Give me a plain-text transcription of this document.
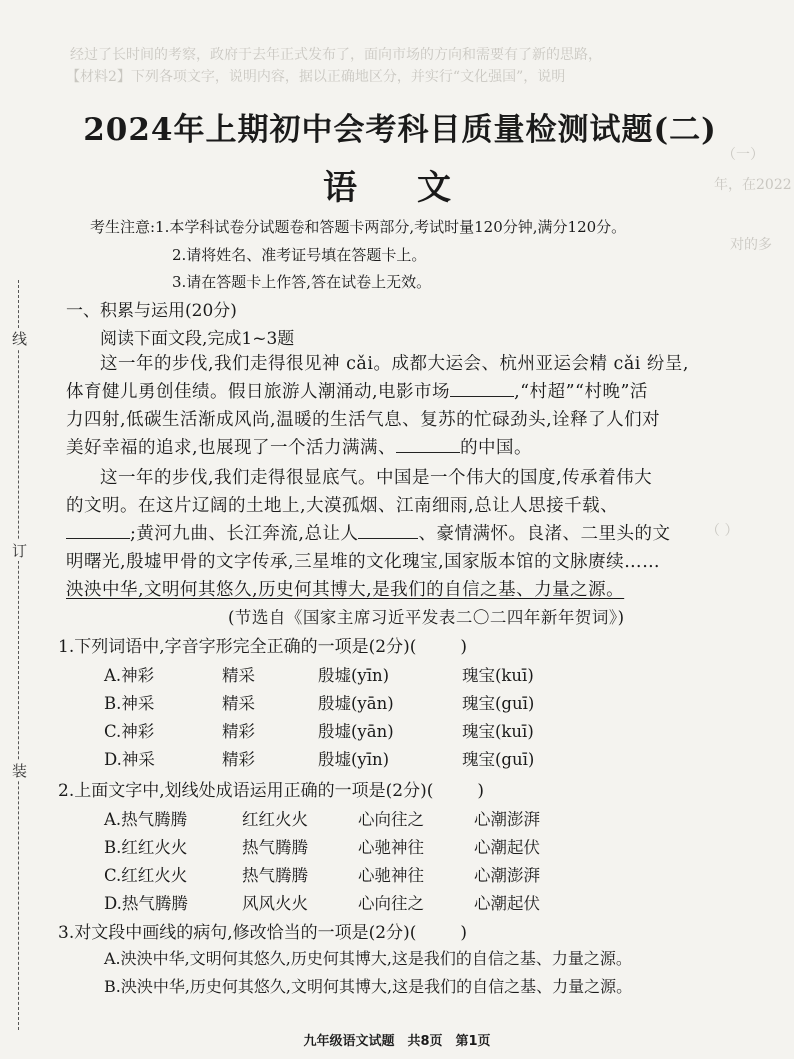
经过了长时间的考察，政府于去年正式发布了，面向市场的方向和需要有了新的思路，
【材料2】下列各项文字，说明内容，据以正确地区分，并实行“文化强国”，说明
（一）
年，在2022
对的多
（ ）
2024年上期初中会考科目质量检测试题(二)
语文
考生注意:1.本学科试卷分试题卷和答题卡两部分,考试时量120分钟,满分120分。
2.请将姓名、准考证号填在答题卡上。
3.请在答题卡上作答,答在试卷上无效。
一、积累与运用(20分)
阅读下面文段,完成1~3题
这一年的步伐,我们走得很见神 cǎi。成都大运会、杭州亚运会精 cǎi 纷呈,
体育健儿勇创佳绩。假日旅游人潮涌动,电影市场	,“村超”“村晚”活
力四射,低碳生活渐成风尚,温暖的生活气息、复苏的忙碌劲头,诠释了人们对
美好幸福的追求,也展现了一个活力满满、	的中国。
这一年的步伐,我们走得很显底气。中国是一个伟大的国度,传承着伟大
的文明。在这片辽阔的土地上,大漠孤烟、江南细雨,总让人思接千载、
;黄河九曲、长江奔流,总让人	、豪情满怀。良渚、二里头的文
明曙光,殷墟甲骨的文字传承,三星堆的文化瑰宝,国家版本馆的文脉赓续……
泱泱中华,文明何其悠久,历史何其博大,是我们的自信之基、力量之源。
(节选自《国家主席习近平发表二〇二四年新年贺词》)
1.下列词语中,字音字形完全正确的一项是(2分)(	)
A.神彩	精采	殷墟(yīn)	瑰宝(kuī)
B.神采	精采	殷墟(yān)	瑰宝(guī)
C.神彩	精彩	殷墟(yān)	瑰宝(kuī)
D.神采	精彩	殷墟(yīn)	瑰宝(guī)
2.上面文字中,划线处成语运用正确的一项是(2分)(	)
A.热气腾腾	红红火火	心向往之	心潮澎湃
B.红红火火	热气腾腾	心驰神往	心潮起伏
C.红红火火	热气腾腾	心驰神往	心潮澎湃
D.热气腾腾	风风火火	心向往之	心潮起伏
3.对文段中画线的病句,修改恰当的一项是(2分)(	)
A.泱泱中华,文明何其悠久,历史何其博大,这是我们的自信之基、力量之源。
B.泱泱中华,历史何其悠久,文明何其博大,这是我们的自信之基、力量之源。
线
订
装
九年级语文试题　共8页　第1页
